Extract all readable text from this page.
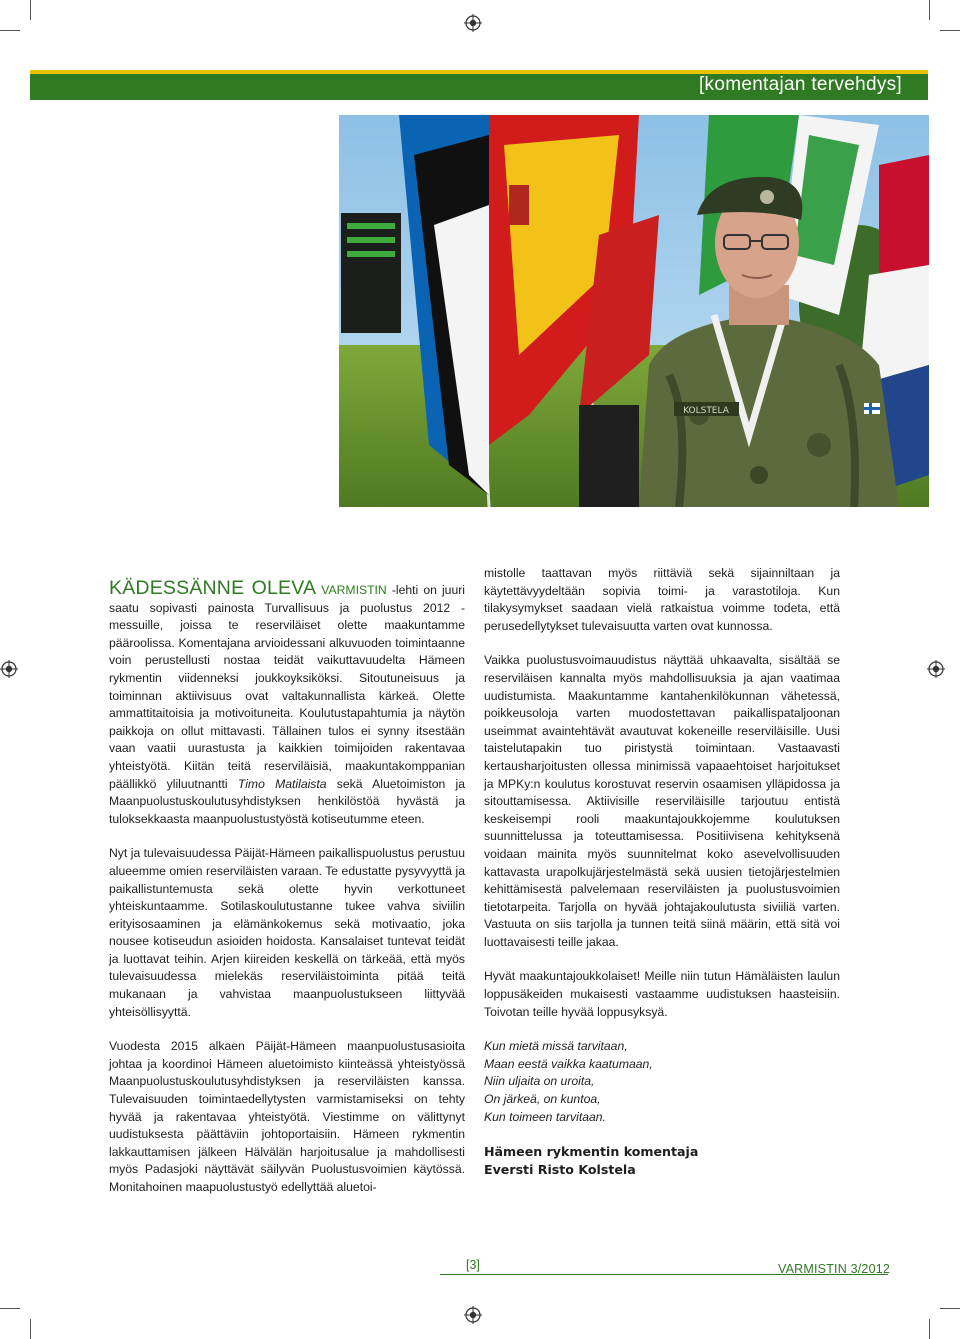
[komentajan tervehdys]
KOLSTELA

KÄDESSÄNNE OLEVA VARMISTIN -lehti on juuri saatu sopivasti painosta Turvallisuus ja puolustus 2012 -messuille, joissa te reserviläiset olette maakuntamme pääroolissa. Komentajana arvioidessani alkuvuoden toimintaanne voin perustellusti nostaa teidät vaikuttavuudelta Hämeen rykmentin viidenneksi joukkoyksiköksi. Sitoutuneisuus ja toiminnan aktiivisuus ovat valtakunnallista kärkeä. Olette ammattitaitoisia ja motivoituneita. Koulutustapahtumia ja näytön paikkoja on ollut mittavasti. Tällainen tulos ei synny itsestään vaan vaatii uurastusta ja kaikkien toimijoiden rakentavaa yhteistyötä. Kiitän teitä reserviläisiä, maakuntakomppanian päällikkö yliluutnantti Timo Matilaista sekä Aluetoimiston ja Maanpuolustuskoulutusyhdistyksen henkilöstöä hyvästä ja tuloksekkaasta maanpuolustustyöstä kotiseutumme eteen.

Nyt ja tulevaisuudessa Päijät-Hämeen paikallispuolustus perustuu alueemme omien reserviläisten varaan. Te edustatte pysyvyyttä ja paikallistuntemusta sekä olette hyvin verkottuneet yhteiskuntaamme. Sotilaskoulutustanne tukee vahva siviilin erityisosaaminen ja elämänkokemus sekä motivaatio, joka nousee kotiseudun asioiden hoidosta. Kansalaiset tuntevat teidät ja luottavat teihin. Arjen kiireiden keskellä on tärkeää, että myös tulevaisuudessa mielekäs reserviläistoiminta pitää teitä mukanaan ja vahvistaa maanpuolustukseen liittyvää yhteisöllisyyttä.

Vuodesta 2015 alkaen Päijät-Hämeen maanpuolustusasioita johtaa ja koordinoi Hämeen aluetoimisto kiinteässä yhteistyössä Maanpuolustuskoulutusyhdistyksen ja reserviläisten kanssa. Tulevaisuuden toimintaedellytysten varmistamiseksi on tehty hyvää ja rakentavaa yhteistyötä. Viestimme on välittynyt uudistuksesta päättäviin johtoportaisiin. Hämeen rykmentin lakkauttamisen jälkeen Hälvälän harjoitusalue ja mahdollisesti myös Padasjoki näyttävät säilyvän Puolustusvoimien käytössä. Monitahoinen maapuolustustyö edellyttää aluetoi-

mistolle taattavan myös riittäviä sekä sijainniltaan ja käytettävyydeltään sopivia toimi- ja varastotiloja. Kun tilakysymykset saadaan vielä ratkaistua voimme todeta, että perusedellytykset tulevaisuutta varten ovat kunnossa.

Vaikka puolustusvoimauudistus näyttää uhkaavalta, sisältää se reserviläisen kannalta myös mahdollisuuksia ja ajan vaatimaa uudistumista. Maakuntamme kantahenkilökunnan vähetessä, poikkeusoloja varten muodostettavan paikallispataljoonan useimmat avaintehtävät avautuvat kokeneille reserviläisille. Uusi taistelutapakin tuo piristystä toimintaan. Vastaavasti kertausharjoitusten ollessa minimissä vapaaehtoiset harjoitukset ja MPKy:n koulutus korostuvat reservin osaamisen ylläpidossa ja sitouttamisessa. Aktiivisille reserviläisille tarjoutuu entistä keskeisempi rooli maakuntajoukkojemme koulutuksen suunnittelussa ja toteuttamisessa. Positiivisena kehityksenä voidaan mainita myös suunnitelmat koko asevelvollisuuden kattavasta urapolkujärjestelmästä sekä uusien tietojärjestelmien kehittämisestä palvelemaan reserviläisten ja puolustusvoimien tietotarpeita. Tarjolla on hyvää johtajakoulutusta siviiliä varten. Vastuuta on siis tarjolla ja tunnen teitä siinä määrin, että sitä voi luottavaisesti teille jakaa.

Hyvät maakuntajoukkolaiset! Meille niin tutun Hämäläisten laulun loppusäkeiden mukaisesti vastaamme uudistuksen haasteisiin. Toivotan teille hyvää loppusyksyä.

Kun mietä missä tarvitaan,
Maan eestä vaikka kaatumaan,
Niin uljaita on uroita,
On järkeä, on kuntoa,
Kun toimeen tarvitaan.
Hämeen rykmentin komentaja
Eversti Risto Kolstela
[3]	VARMISTIN 3/2012
